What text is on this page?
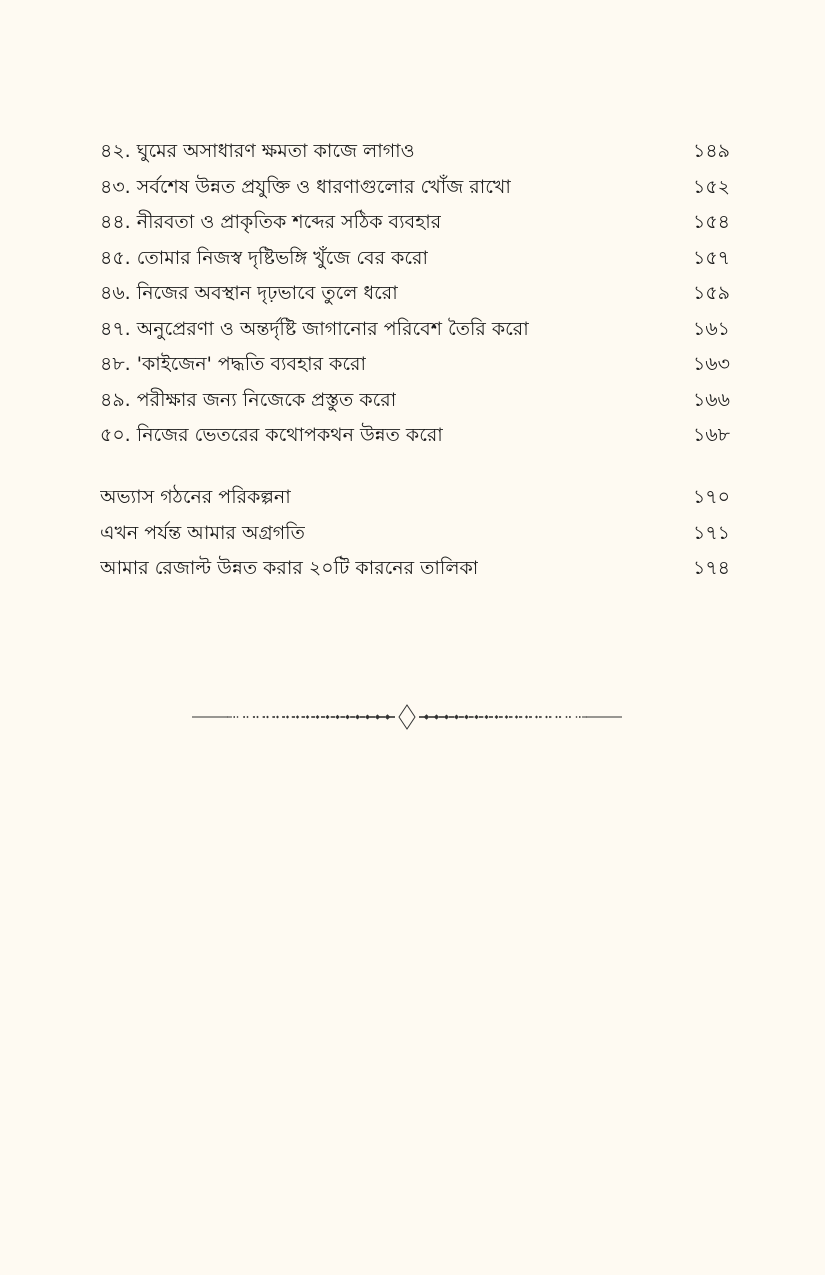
৪২. ঘুমের অসাধারণ ক্ষমতা কাজে লাগাও	১৪৯
৪৩. সর্বশেষ উন্নত প্রযুক্তি ও ধারণাগুলোর খোঁজ রাখো	১৫২
৪৪. নীরবতা ও প্রাকৃতিক শব্দের সঠিক ব্যবহার	১৫৪
৪৫. তোমার নিজস্ব দৃষ্টিভঙ্গি খুঁজে বের করো	১৫৭
৪৬. নিজের অবস্থান দৃঢ়ভাবে তুলে ধরো	১৫৯
৪৭. অনুপ্রেরণা ও অন্তর্দৃষ্টি জাগানোর পরিবেশ তৈরি করো	১৬১
৪৮. 'কাইজেন' পদ্ধতি ব্যবহার করো	১৬৩
৪৯. পরীক্ষার জন্য নিজেকে প্রস্তুত করো	১৬৬
৫০. নিজের ভেতরের কথোপকথন উন্নত করো	১৬৮
অভ্যাস গঠনের পরিকল্পনা	১৭০
এখন পর্যন্ত আমার অগ্রগতি	১৭১
আমার রেজাল্ট উন্নত করার ২০টি কারনের তালিকা	১৭৪
